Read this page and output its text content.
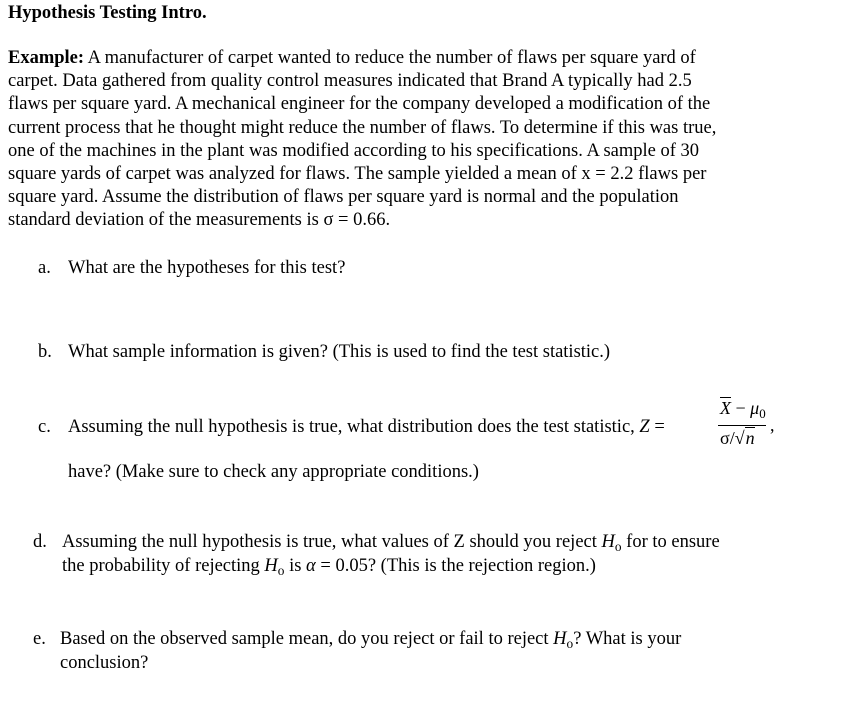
Hypothesis Testing Intro.
Example: A manufacturer of carpet wanted to reduce the number of flaws per square yard of
carpet. Data gathered from quality control measures indicated that Brand A typically had 2.5
flaws per square yard. A mechanical engineer for the company developed a modification of the
current process that he thought might reduce the number of flaws. To determine if this was true,
one of the machines in the plant was modified according to his specifications. A sample of 30
square yards of carpet was analyzed for flaws. The sample yielded a mean of x = 2.2 flaws per
square yard. Assume the distribution of flaws per square yard is normal and the population
standard deviation of the measurements is σ = 0.66.
a. What are the hypotheses for this test?
b. What sample information is given? (This is used to find the test statistic.)
c. Assuming the null hypothesis is true, what distribution does the test statistic, Z =
have? (Make sure to check any appropriate conditions.)
$\overline{X} - \mu_0$
σ/√n
,
d. Assuming the null hypothesis is true, what values of Z should you reject $H_o$ for to ensure
the probability of rejecting $H_o$ is α = 0.05? (This is the rejection region.)
e. Based on the observed sample mean, do you reject or fail to reject $H_o$? What is your
conclusion?
